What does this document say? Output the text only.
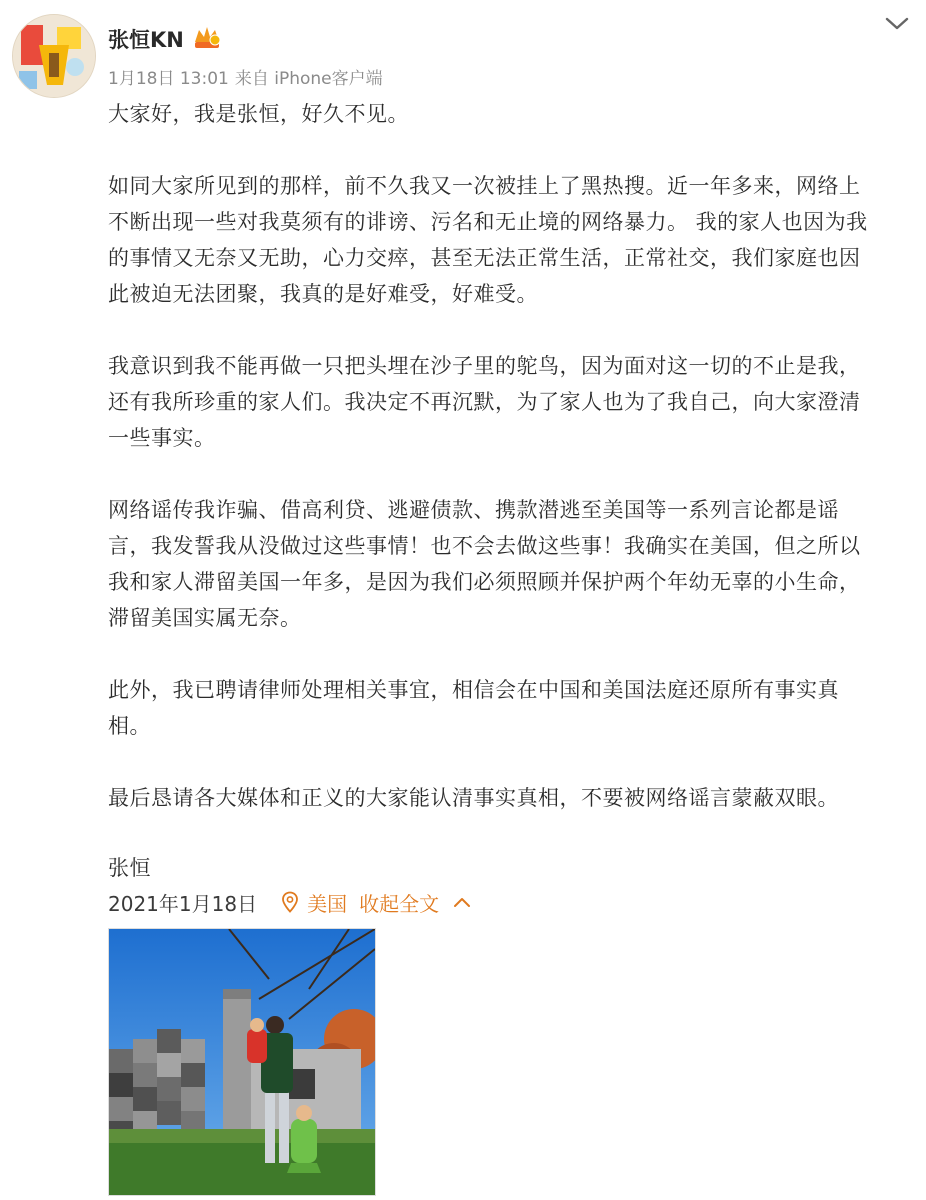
张恒KN
1月18日 13:01 来自 iPhone客户端

大家好，我是张恒，好久不见。

如同大家所见到的那样，前不久我又一次被挂上了黑热搜。近一年多来，网络上
不断出现一些对我莫须有的诽谤、污名和无止境的网络暴力。 我的家人也因为我
的事情又无奈又无助，心力交瘁，甚至无法正常生活，正常社交，我们家庭也因
此被迫无法团聚，我真的是好难受，好难受。

我意识到我不能再做一只把头埋在沙子里的鸵鸟，因为面对这一切的不止是我，
还有我所珍重的家人们。我决定不再沉默，为了家人也为了我自己，向大家澄清
一些事实。

网络谣传我诈骗、借高利贷、逃避债款、携款潜逃至美国等一系列言论都是谣
言，我发誓我从没做过这些事情！也不会去做这些事！我确实在美国，但之所以
我和家人滞留美国一年多，是因为我们必须照顾并保护两个年幼无辜的小生命，
滞留美国实属无奈。

此外，我已聘请律师处理相关事宜，相信会在中国和美国法庭还原所有事实真
相。

最后恳请各大媒体和正义的大家能认清事实真相，不要被网络谣言蒙蔽双眼。

张恒

2021年1月18日	美国 收起全文
